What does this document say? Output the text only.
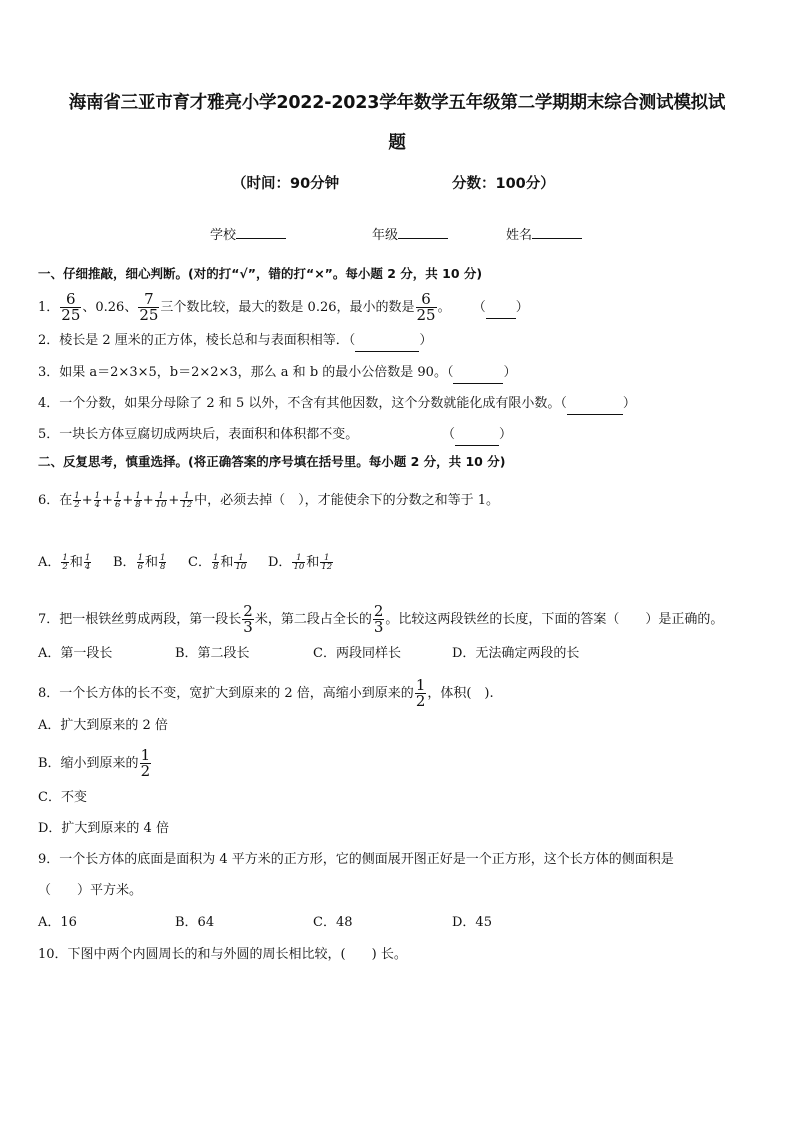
海南省三亚市育才雅亮小学2022-2023学年数学五年级第二学期期末综合测试模拟试
题
（时间：90分钟	分数：100分）
学校	年级	姓名
一、仔细推敲，细心判断。(对的打“√”，错的打“×”。每小题 2 分，共 10 分)
1． $\frac{6}{25}$ 、0.26、 $\frac{7}{25}$ 三个数比较，最大的数是 0.26，最小的数是 $\frac{6}{25}$ 。 （ ）
2．棱长是 2 厘米的正方体，棱长总和与表面积相等．（	）
3．如果 a＝2×3×5，b＝2×2×3，那么 a 和 b 的最小公倍数是 90。（	）
4．一个分数，如果分母除了 2 和 5 以外，不含有其他因数，这个分数就能化成有限小数。（	）
5．一块长方体豆腐切成两块后，表面积和体积都不变。	（	）
二、反复思考，慎重选择。(将正确答案的序号填在括号里。每小题 2 分，共 10 分)
6．在 $\frac{1}{2} + \frac{1}{4} + \frac{1}{6} + \frac{1}{8} + \frac{1}{10} + \frac{1}{12}$ 中，必须去掉（　），才能使余下的分数之和等于 1。
A． $\frac{1}{2}$ 和 $\frac{1}{4}$ B． $\frac{1}{6}$ 和 $\frac{1}{8}$ C． $\frac{1}{8}$ 和 $\frac{1}{10}$ D． $\frac{1}{10}$ 和 $\frac{1}{12}$
7．把一根铁丝剪成两段，第一段长 $\frac{2}{3}$ 米，第二段占全长的 $\frac{2}{3}$ 。比较这两段铁丝的长度，下面的答案（　　）是正确的。
A．第一段长	B．第二段长	C．两段同样长	D．无法确定两段的长
8．一个长方体的长不变，宽扩大到原来的 2 倍，高缩小到原来的 $\frac{1}{2}$ ，体积(　).
A．扩大到原来的 2 倍
B．缩小到原来的 $\frac{1}{2}$
C．不变
D．扩大到原来的 4 倍
9．一个长方体的底面是面积为 4 平方米的正方形，它的侧面展开图正好是一个正方形，这个长方体的侧面积是
（　　）平方米。
A．16	B．64	C．48	D．45
10．下图中两个内圆周长的和与外圆的周长相比较，(　　) 长。
